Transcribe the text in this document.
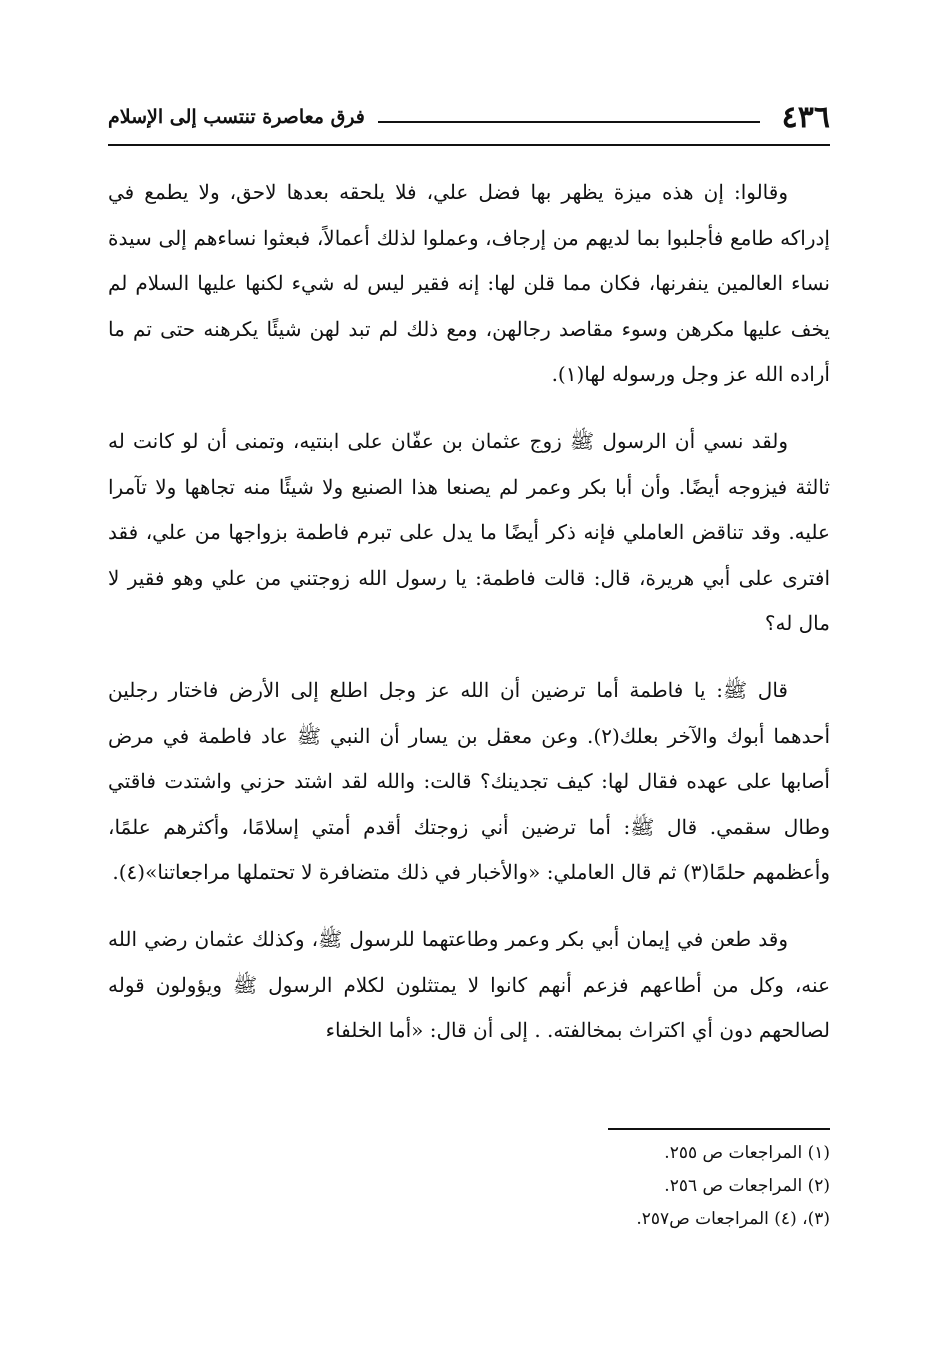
٤٣٦
فرق معاصرة تنتسب إلى الإسلام

وقالوا: إن هذه ميزة يظهر بها فضل علي، فلا يلحقه بعدها لاحق، ولا يطمع في إدراكه طامع فأجلبوا بما لديهم من إرجاف، وعملوا لذلك أعمالاً، فبعثوا نساءهم إلى سيدة نساء العالمين ينفرنها، فكان مما قلن لها: إنه فقير ليس له شيء لكنها عليها السلام لم يخف عليها مكرهن وسوء مقاصد رجالهن، ومع ذلك لم تبد لهن شيئًا يكرهنه حتى تم ما أراده الله عز وجل ورسوله لها(١).

ولقد نسي أن الرسول ﷺ زوج عثمان بن عفّان على ابنتيه، وتمنى أن لو كانت له ثالثة فيزوجه أيضًا. وأن أبا بكر وعمر لم يصنعا هذا الصنيع ولا شيئًا منه تجاهها ولا تآمرا عليه. وقد تناقض العاملي فإنه ذكر أيضًا ما يدل على تبرم فاطمة بزواجها من علي، فقد افترى على أبي هريرة، قال: قالت فاطمة: يا رسول الله زوجتني من علي وهو فقير لا مال له؟

قال ﷺ: يا فاطمة أما ترضين أن الله عز وجل اطلع إلى الأرض فاختار رجلين أحدهما أبوك والآخر بعلك(٢). وعن معقل بن يسار أن النبي ﷺ عاد فاطمة في مرض أصابها على عهده فقال لها: كيف تجدينك؟ قالت: والله لقد اشتد حزني واشتدت فاقتي وطال سقمي. قال ﷺ: أما ترضين أني زوجتك أقدم أمتي إسلامًا، وأكثرهم علمًا، وأعظمهم حلمًا(٣) ثم قال العاملي: «والأخبار في ذلك متضافرة لا تحتملها مراجعاتنا»(٤).

وقد طعن في إيمان أبي بكر وعمر وطاعتهما للرسول ﷺ، وكذلك عثمان رضي الله عنه، وكل من أطاعهم فزعم أنهم كانوا لا يمتثلون لكلام الرسول ﷺ ويؤولون قوله لصالحهم دون أي اكتراث بمخالفته. . إلى أن قال: «أما الخلفاء

(١) المراجعات ص ٢٥٥.
(٢) المراجعات ص ٢٥٦.
(٣)، (٤) المراجعات ص٢٥٧.
